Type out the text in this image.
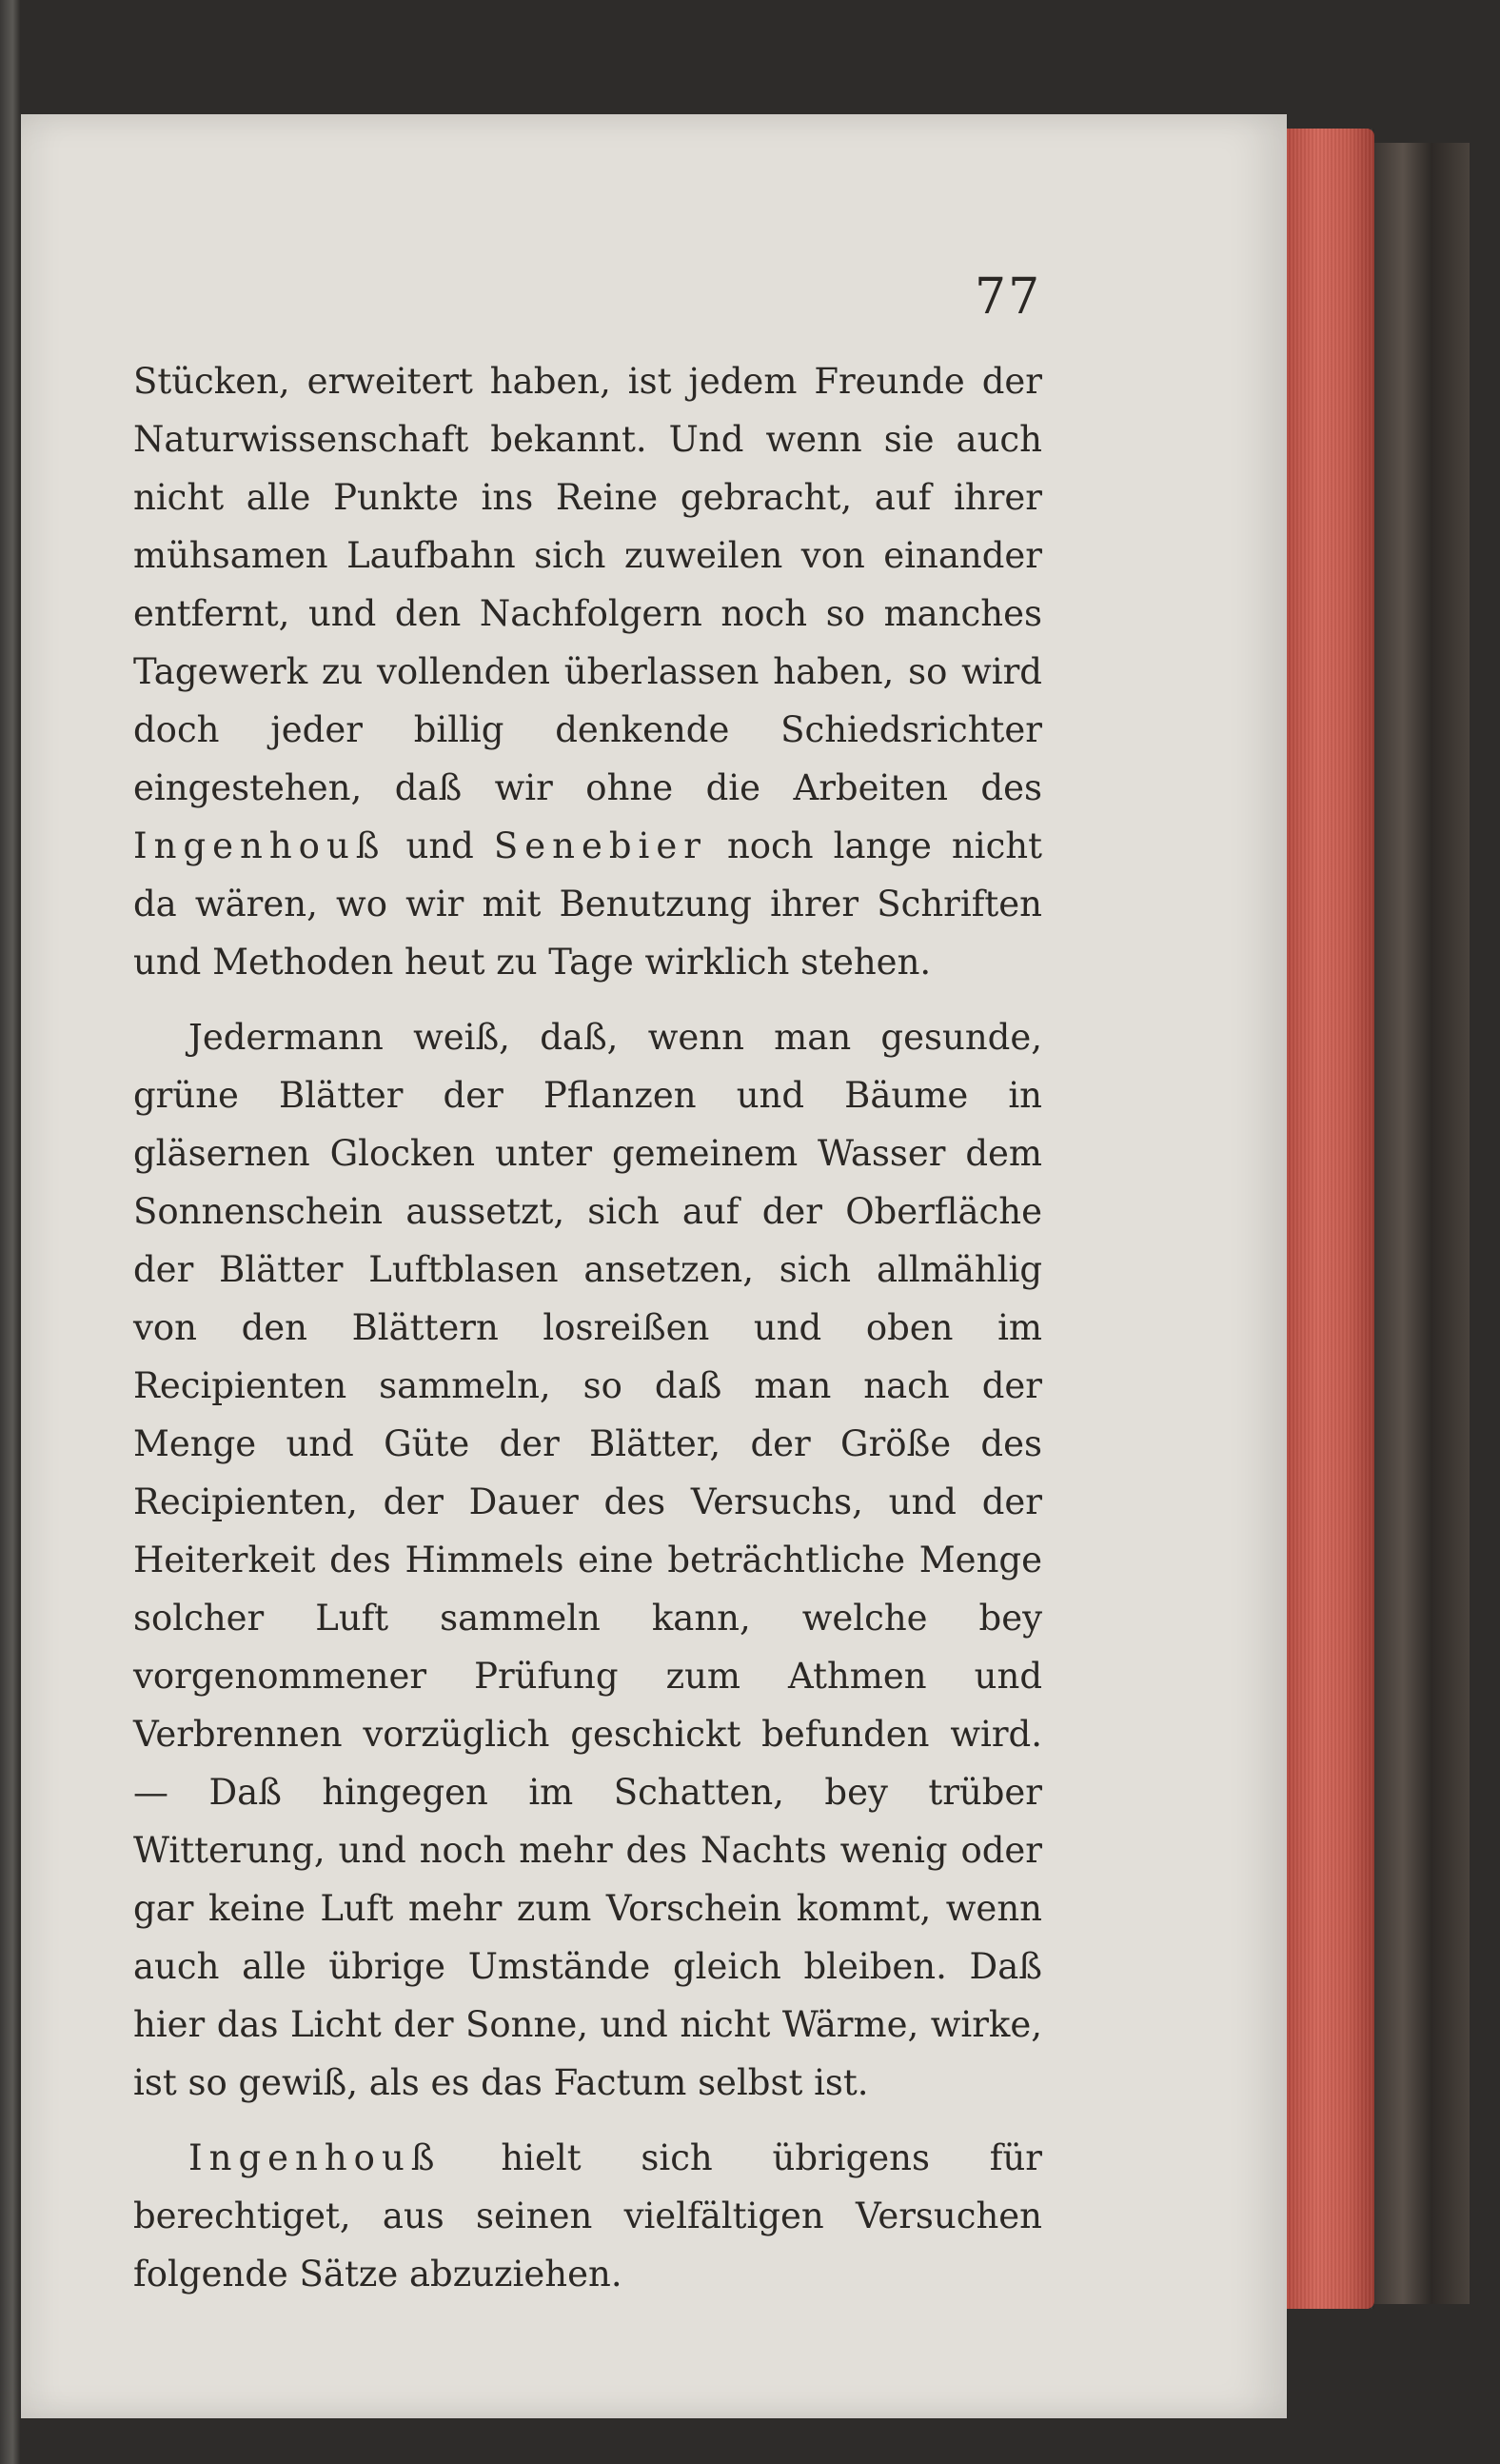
77

Stücken, erweitert haben, ist jedem Freunde der Naturwissenschaft bekannt. Und wenn sie auch nicht alle Punkte ins Reine gebracht, auf ihrer mühsamen Laufbahn sich zuweilen von einander entfernt, und den Nachfolgern noch so manches Tagewerk zu vollenden überlassen haben, so wird doch jeder billig denkende Schiedsrichter eingestehen, daß wir ohne die Arbeiten des Ingenhouß und Senebier noch lange nicht da wären, wo wir mit Benutzung ihrer Schriften und Methoden heut zu Tage wirklich stehen.

Jedermann weiß, daß, wenn man gesunde, grüne Blätter der Pflanzen und Bäume in gläsernen Glocken unter gemeinem Wasser dem Sonnenschein aussetzt, sich auf der Oberfläche der Blätter Luftblasen ansetzen, sich allmählig von den Blättern losreißen und oben im Recipienten sammeln, so daß man nach der Menge und Güte der Blätter, der Größe des Recipienten, der Dauer des Versuchs, und der Heiterkeit des Himmels eine beträchtliche Menge solcher Luft sammeln kann, welche bey vorgenommener Prüfung zum Athmen und Verbrennen vorzüglich geschickt befunden wird. — Daß hingegen im Schatten, bey trüber Witterung, und noch mehr des Nachts wenig oder gar keine Luft mehr zum Vorschein kommt, wenn auch alle übrige Umstände gleich bleiben. Daß hier das Licht der Sonne, und nicht Wärme, wirke, ist so gewiß, als es das Factum selbst ist.

Ingenhouß hielt sich übrigens für berechtiget, aus seinen vielfältigen Versuchen folgende Sätze abzuziehen.
